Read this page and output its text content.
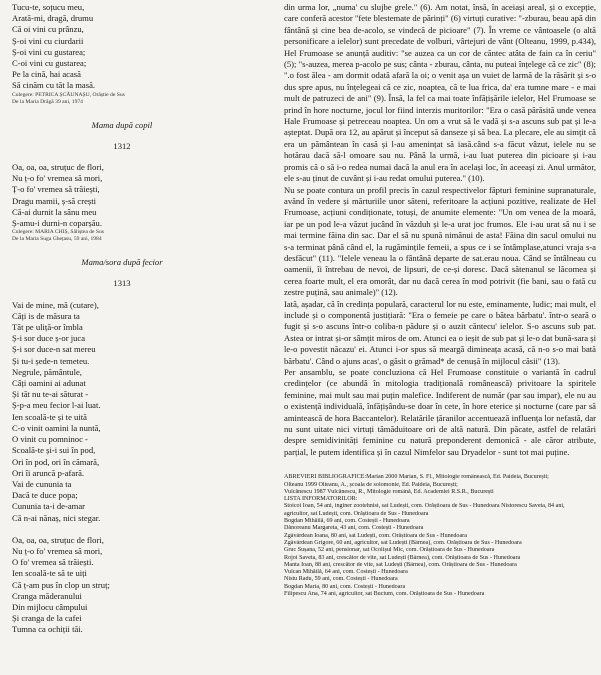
Tucu-te, soțucu meu,
Arată-mi, dragă, drumu
Că oi vini cu prânzu,
Ș-oi vini cu ciurdarii
Ș-oi vini cu gustarea;
C-oi vini cu gustarea;
Pe la cină, hai acasă
Să cinăm cu tăt la masă.
Culegere: PETRICA ȘCĂUNAȘU, Orăștie de Sus
De la Maria Drăgă 39 ani, 1974
Mama după copil
1312
Oa, oa, oa, struțuc de flori,
Nu ț-o fo' vremea să mori,
Ț-o fo' vremea să trăiești,
Dragu mamii, ș-să crești
Că-ai durnit la sânu meu
Ș-amu-i durni-n coparșău.
Culegere: MARIA CHIȘ, Săliștea de Sus
De la Maria Suga Ghețasu, 59 ani, 1984
Mama/sora după fecior
1313
Vai de mine, mă (cutare),
Căți is de măsura ta
Tăt pe uliță-or îmbla
Ș-i sor duce ș-or juca
Ș-i sor duce-n sat mereu
Și tu-i șede-n temeteu.
Negrule, pământule,
Câți oamini ai adunat
Și tăt nu te-ai săturat -
Ș-p-a meu fecior l-ai luat.
Ien scoală-te și te uită
C-o vinit oamini la nuntă,
O vinit cu pomninoc -
Scoală-te și-i sui în pod,
Ori în pod, ori în cămară,
Ori îi aruncă p-afară.
Vai de cununia ta
Dacă te duce popa;
Cununia ta-i de-amar
Că n-ai nănaș, nici stegar.
Oa, oa, oa, struțuc de flori,
Nu ț-o fo' vremea să mori,
O fo' vremea să trăiești.
Ien scoală-te să te uiți
Că ț-am pus în clop un struț;
Cranga măderanului
Din mijlocu câmpului
Și cranga de la cafei
Tumna ca ochiții tăi.

din urma lor, „numa' cu slujbe grele." (6). Am notat, însă, în aceiași areal, și o excepție, care conferă acestor "fete blestemate de părinți" (6) virtuți curative: "-zburau, beau apă din fântână și cine bea de-acolo, se vindecă de picioare" (7). În vreme ce vântoasele (o altă personificare a ielelor) sunt precedate de volburi, vârtejuri de vânt (Olteanu, 1999, p.434), Hel Frumoase se anunță auditiv: "se auzea ca un cor de căntec atâta de fain ca în ceriu" (5); "s-auzea, merea p-acolo pe sus; cânta - zburau, cânta, nu puteai înțelege că ce zic" (8); ".o fost ălea - am dormit odată afară la oi; o venit așa un vuiet de larmă de la răsărit și s-o dus spre apus, nu înțelegeai că ce zic, noaptea, că te lua frica, da' era tumne mare - e mai mult de patruzeci de ani" (9). Însă, la fel ca mai toate înfățișările ielelor, Hel Frumoase se prind în hore nocturne, jocul lor fiind interzis muritorilor: "Era o casă părăsită unde venea Hale Frumoase și petreceau noaptea. Un om a vrut să le vadă și s-a ascuns sub pat și le-a așteptat. După ora 12, au apărut și început să danseze și să bea. La plecare, ele au simțit că era un pământean în casă și l-au amenințat să iasă.când s-a făcut vâzut, ielele nu se hotărau dacă să-l omoare sau nu. Până la urmă, i-au luat puterea din picioare și i-au promis că o să i-o redea numai dacă la anul era în același loc, în aceeași zi. Anul următor, ele s-au ținut de cuvânt și i-au redat omului puterea." (10).

Nu se poate contura un profil precis în cazul respectivelor făpturi feminine supranaturale, avănd în vedere și mărturiile unor săteni, referitoare la acțiuni pozitive, realizate de Hel Frumoase, acțiuni condiționate, totuși, de anumite elemente: "Un om venea de la moară, iar pe un pod le-a văzut jucând în văzduh și le-a urat joc frumos. Ele i-au urat să nu i se mai termine făina din sac. Dar el să nu spună nimănui de asta! Făina din sacul omului nu s-a terminat până când el, la rugămințile femeii, a spus ce i se întâmplase,atunci vraja s-a desfăcut" (11). "Ielele veneau la o fântână departe de sat.erau noua. Când se întâlneau cu oamenii, îi întrebau de nevoi, de lipsuri, de ce-și doresc. Dacă sătenanul se lăcomea și cerea foarte mult, el era omorât, dar nu dacă cerea în mod potrivit (fie bani, sau o fată cu zestre puțină, sau animale)" (12).

Iată, așadar, că în credința populară, caracterul lor nu este, eminamente, ludic; mai mult, el include și o componentă justițiară: "Era o femeie pe care o bătea bărbatu'. într-o seară o fugit și s-o ascuns într-o coliba-n pădure și o auzit căntecu' ielelor. S-o ascuns sub pat. Astea or intrat și-or sâmțit miros de om. Atunci ea o ieșit de sub pat și le-o dat bună-sara și le-o povestit năcazu' ei. Atunci i-or spus să meargă dimineața acasă, că n-o s-o mai bată bărbatu'. Când o ajuns acas', o găsit o grămad* de cenușă în mijlocul căsii" (13).

Per ansamblu, se poate concluziona că Hel Frumoase constituie o variantă în cadrul credințelor (ce abundă în mitologia tradițională românească) privitoare la spiritele feminine, mai mult sau mai puțin malefice. Indiferent de număr (par sau impar), ele nu au o existență individuală, înfățișându-se doar în cete, în hore eterice și nocturne (care par să amintească de hora Baccantelor). Relatările țăranilor accentuează influența lor nefastă, dar nu sunt uitate nici virtuți tămăduitoare ori de altă natură. Din păcate, astfel de relatări despre semidivinități feminine cu natură preponderent demonică - ale căror atribute, parțial, le putem identifica și în cazul Nimfelor sau Dryadelor - sunt tot mai puține.

ABREVIERI BIBLIOGRAFICE:Marian 2000 Marian, S. Fl., Mitologie românească, Ed. Paideia, București;
Olteanu 1999 Olteanu, A., școala de solomonie, Ed. Paideia, București;
Vulcănescu 1987 Vulcănescu, R., Mitologie română, Ed. Academiei R.S.R., București
LISTA INFORMATORILOR:
Stoicoi Ioan, 54 ani, inginer zootehnist, sat Ludești, com. Orăștioara de Sus - Hunedoara Nistorescu Saveta, 84 ani,
agricultor, sat Ludești, com. Orăștioara de Sus - Hunedoara
Bogdan Mihăilă, 69 ani, com. Costești - Hunedoara
Dănoreanu Margareta, 43 ani, com. Costești - Hunedoara
Zgâvârdean Ioana, 80 ani, sat Ludești, com. Orăștioara de Sus - Hunedoara
Zgâvârdean Grigore, 60 ani, agricultor, sat Ludești (Bârnea), com. Orăștioara de Sus - Hunedoara
Gruc Sușana, 52 ani, pensionar, sat Ocolișul Mic, com. Orăștioara de Sus - Hunedoara
Rojoi Saveta, 83 ani, crescător de vite, sat Ludești (Bârnea), com. Orăștioara de Sus - Hunedoara
Manta Ioan, 88 ani, crescător de vite, sat Ludești (Bârnea), com. Orăștioara de Sus - Hunedoara
Vulcan Mihăilă, 64 ani, com. Costești - Hunedoara
Nistu Radu, 59 ani, com. Costești - Hunedoara
Bogdan Maria, 80 ani, com. Costești - Hunedoara
Filipescu Ana, 74 ani, agricultor, sat Bucium, com. Orăștioara de Sus - Hunedoara
